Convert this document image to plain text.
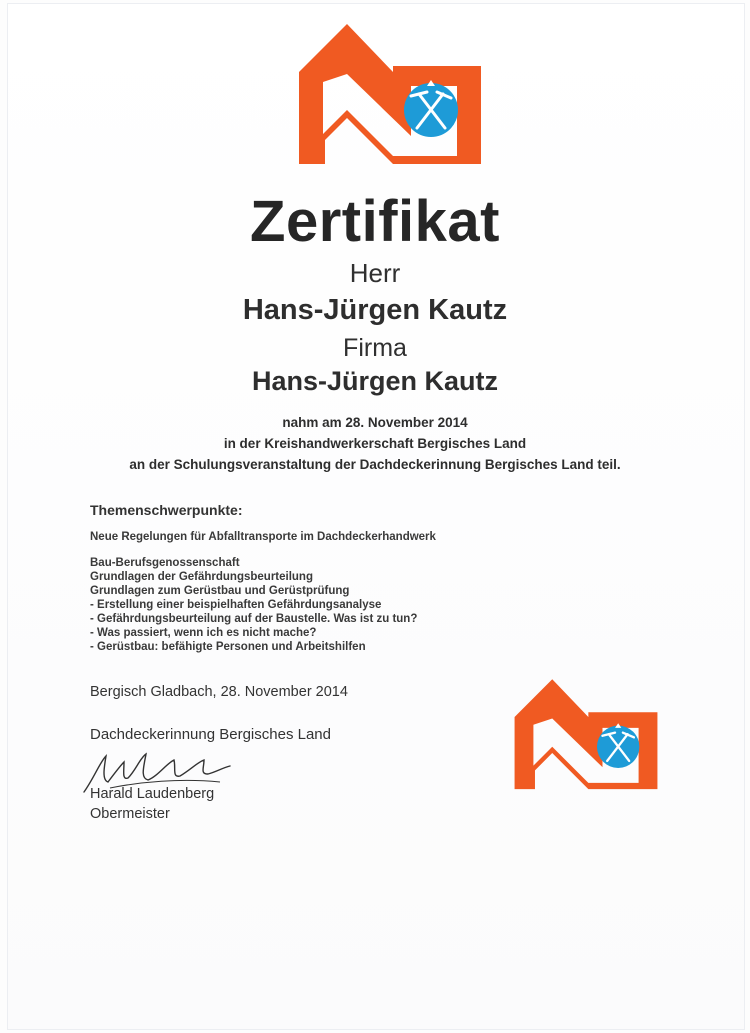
Zertifikat
Herr
Hans-Jürgen Kautz
Firma
Hans-Jürgen Kautz
nahm am 28. November 2014
in der Kreishandwerkerschaft Bergisches Land
an der Schulungsveranstaltung der Dachdeckerinnung Bergisches Land teil.
Themenschwerpunkte:
Neue Regelungen für Abfalltransporte im Dachdeckerhandwerk
Bau-Berufsgenossenschaft
Grundlagen der Gefährdungsbeurteilung
Grundlagen zum Gerüstbau und Gerüstprüfung
- Erstellung einer beispielhaften Gefährdungsanalyse
- Gefährdungsbeurteilung auf der Baustelle. Was ist zu tun?
- Was passiert, wenn ich es nicht mache?
- Gerüstbau: befähigte Personen und Arbeitshilfen
Bergisch Gladbach, 28. November 2014
Dachdeckerinnung Bergisches Land
Harald Laudenberg
Obermeister
